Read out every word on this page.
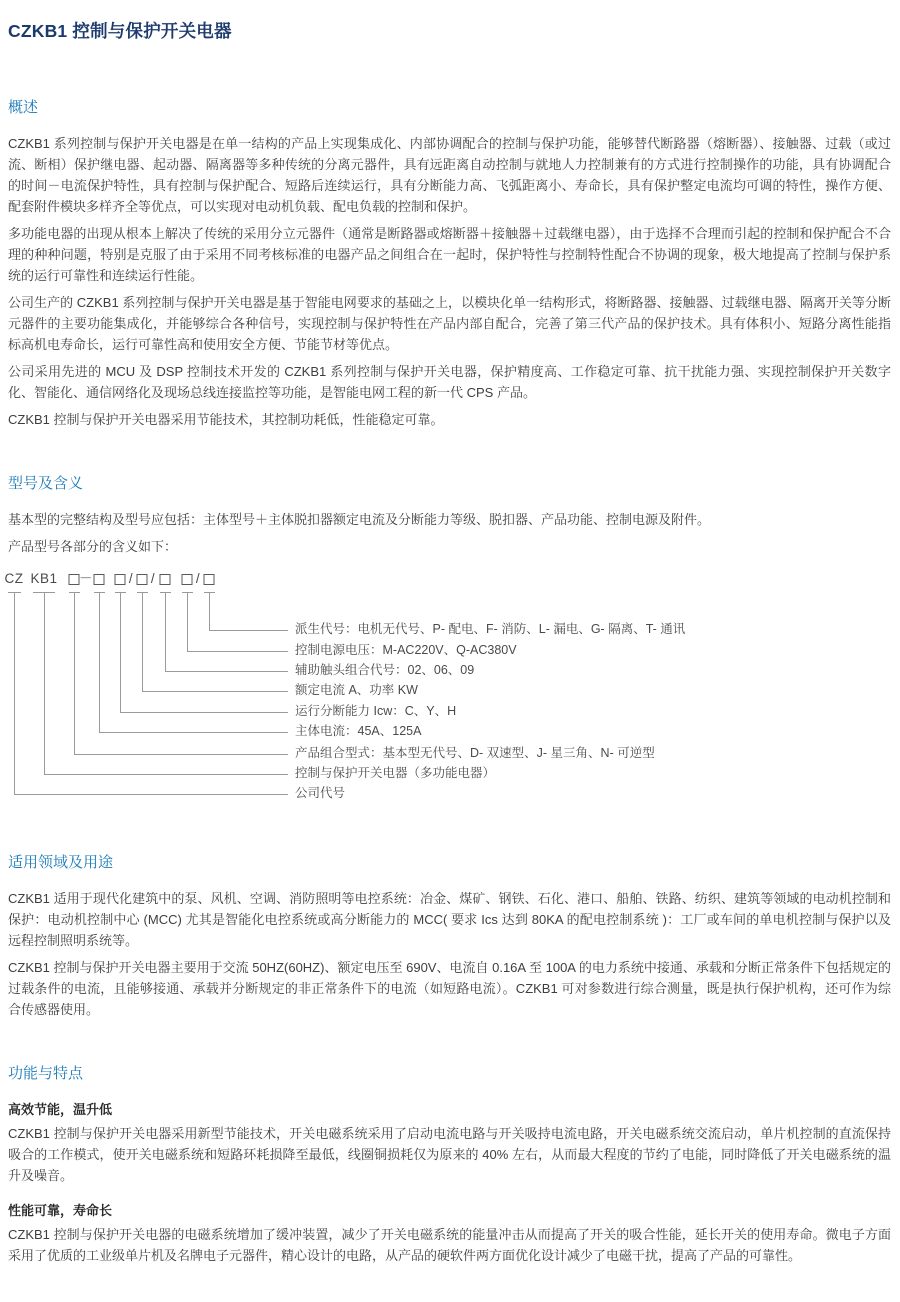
CZKB1 控制与保护开关电器
概述

CZKB1 系列控制与保护开关电器是在单一结构的产品上实现集成化、内部协调配合的控制与保护功能，能够替代断路器（熔断器）、接触器、过载（或过流、断相）保护继电器、起动器、隔离器等多种传统的分离元器件，具有远距离自动控制与就地人力控制兼有的方式进行控制操作的功能，具有协调配合的时间－电流保护特性，具有控制与保护配合、短路后连续运行，具有分断能力高、飞弧距离小、寿命长，具有保护整定电流均可调的特性，操作方便、配套附件模块多样齐全等优点，可以实现对电动机负载、配电负载的控制和保护。

多功能电器的出现从根本上解决了传统的采用分立元器件（通常是断路器或熔断器＋接触器＋过载继电器），由于选择不合理而引起的控制和保护配合不合理的种种问题，特别是克服了由于采用不同考核标准的电器产品之间组合在一起时，保护特性与控制特性配合不协调的现象，极大地提高了控制与保护系统的运行可靠性和连续运行性能。

公司生产的 CZKB1 系列控制与保护开关电器是基于智能电网要求的基础之上，以模块化单一结构形式，将断路器、接触器、过载继电器、隔离开关等分断元器件的主要功能集成化，并能够综合各种信号，实现控制与保护特性在产品内部自配合，完善了第三代产品的保护技术。具有体积小、短路分离性能指标高机电寿命长，运行可靠性高和使用安全方便、节能节材等优点。

公司采用先进的 MCU 及 DSP 控制技术开发的 CZKB1 系列控制与保护开关电器，保护精度高、工作稳定可靠、抗干扰能力强、实现控制保护开关数字化、智能化、通信网络化及现场总线连接监控等功能，是智能电网工程的新一代 CPS 产品。

CZKB1 控制与保护开关电器采用节能技术，其控制功耗低，性能稳定可靠。

型号及含义

基本型的完整结构及型号应包括：主体型号＋主体脱扣器额定电流及分断能力等级、脱扣器、产品功能、控制电源及附件。

产品型号各部分的含义如下：

CZ KB1 －	/ /	/
派生代号：电机无代号、P- 配电、F- 消防、L- 漏电、G- 隔离、T- 通讯
控制电源电压：M-AC220V、Q-AC380V
辅助触头组合代号：02、06、09
额定电流 A、功率 KW
运行分断能力 Icw：C、Y、H
主体电流：45A、125A
产品组合型式：基本型无代号、D- 双速型、J- 星三角、N- 可逆型
控制与保护开关电器（多功能电器）
公司代号
适用领域及用途

CZKB1 适用于现代化建筑中的泵、风机、空调、消防照明等电控系统：冶金、煤矿、钢铁、石化、港口、船舶、铁路、纺织、建筑等领域的电动机控制和保护：电动机控制中心 (MCC) 尤其是智能化电控系统或高分断能力的 MCC( 要求 Ics 达到 80KA 的配电控制系统 )：工厂或车间的单电机控制与保护以及远程控制照明系统等。

CZKB1 控制与保护开关电器主要用于交流 50HZ(60HZ)、额定电压至 690V、电流自 0.16A 至 100A 的电力系统中接通、承载和分断正常条件下包括规定的过载条件的电流，且能够接通、承载并分断规定的非正常条件下的电流（如短路电流）。CZKB1 可对参数进行综合测量，既是执行保护机构，还可作为综合传感器使用。

功能与特点
高效节能，温升低

CZKB1 控制与保护开关电器采用新型节能技术，开关电磁系统采用了启动电流电路与开关吸持电流电路，开关电磁系统交流启动，单片机控制的直流保持吸合的工作模式，使开关电磁系统和短路环耗损降至最低，线圈铜损耗仅为原来的 40% 左右，从而最大程度的节约了电能，同时降低了开关电磁系统的温升及噪音。

性能可靠，寿命长

CZKB1 控制与保护开关电器的电磁系统增加了缓冲装置，减少了开关电磁系统的能量冲击从而提高了开关的吸合性能，延长开关的使用寿命。微电子方面采用了优质的工业级单片机及名牌电子元器件，精心设计的电路，从产品的硬软件两方面优化设计减少了电磁干扰，提高了产品的可靠性。
